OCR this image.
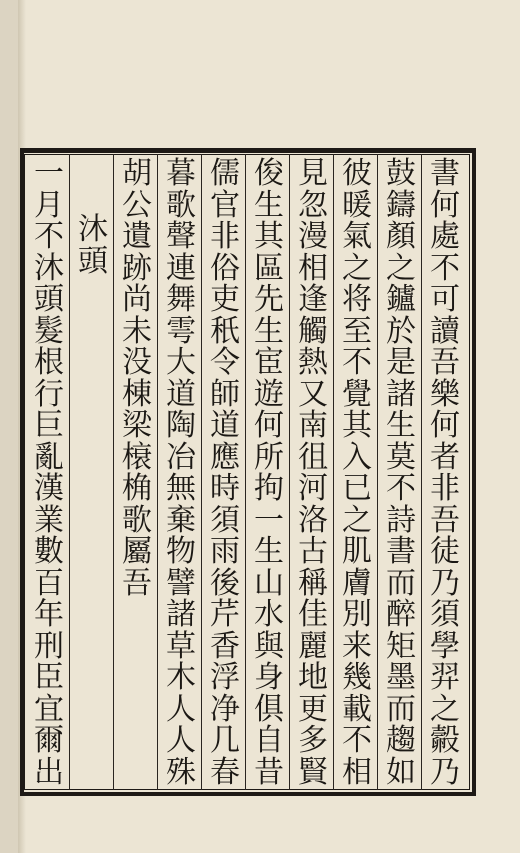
書
何
處
不
可
讀
吾
樂
何
者
非
吾
徒
乃
須
學
羿
之
㲉
乃
鼓
鑄
顏
之
鑪
於
是
諸
生
莫
不
詩
書
而
醉
矩
墨
而
趨
如
彼
暖
氣
之
将
至
不
覺
其
入
已
之
肌
膚
別
来
幾
載
不
相
見
忽
漫
相
逢
觸
熱
又
南
徂
河
洛
古
稱
佳
麗
地
更
多
賢
俊
生
其
區
先
生
宦
遊
何
所
拘
一
生
山
水
與
身
俱
自
昔
儒
官
非
俗
吏
秖
令
師
道
應
時
須
雨
後
芹
香
浮
净
几
春
暮
歌
聲
連
舞
雩
大
道
陶
冶
無
棄
物
譬
諸
草
木
人
人
殊
胡
公
遺
跡
尚
未
没
棟
梁
榱
桷
歌
屬
吾
沐
頭
一
月
不
沐
頭
髮
根
行
巨
亂
漢
業
數
百
年
刑
臣
宜
爾
出
